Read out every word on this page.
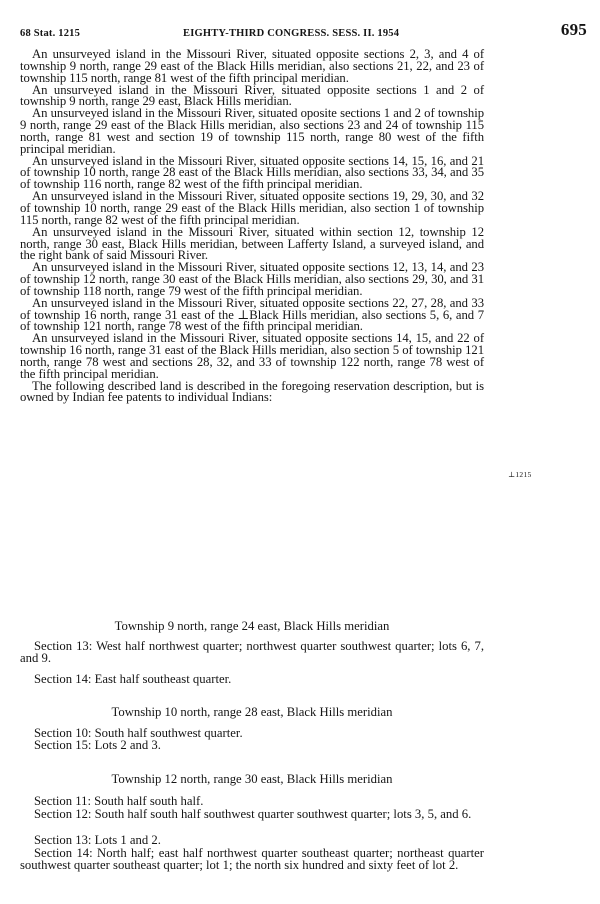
68 Stat. 1215	EIGHTY-THIRD CONGRESS. SESS. II. 1954	695

An unsurveyed island in the Missouri River, situated opposite sections 2, 3, and 4 of township 9 north, range 29 east of the Black Hills meridian, also sections 21, 22, and 23 of township 115 north, range 81 west of the fifth principal meridian.

An unsurveyed island in the Missouri River, situated opposite sections 1 and 2 of township 9 north, range 29 east, Black Hills meridian.

An unsurveyed island in the Missouri River, situated oposite sections 1 and 2 of township 9 north, range 29 east of the Black Hills meridian, also sections 23 and 24 of township 115 north, range 81 west and section 19 of township 115 north, range 80 west of the fifth principal meridian.

An unsurveyed island in the Missouri River, situated opposite sections 14, 15, 16, and 21 of township 10 north, range 28 east of the Black Hills meridian, also sections 33, 34, and 35 of township 116 north, range 82 west of the fifth principal meridian.

An unsurveyed island in the Missouri River, situated opposite sections 19, 29, 30, and 32 of township 10 north, range 29 east of the Black Hills meridian, also section 1 of township 115 north, range 82 west of the fifth principal meridian.

An unsurveyed island in the Missouri River, situated within section 12, township 12 north, range 30 east, Black Hills meridian, between Lafferty Island, a surveyed island, and the right bank of said Missouri River.

An unsurveyed island in the Missouri River, situated opposite sections 12, 13, 14, and 23 of township 12 north, range 30 east of the Black Hills meridian, also sections 29, 30, and 31 of township 118 north, range 79 west of the fifth principal meridian.

An unsurveyed island in the Missouri River, situated opposite sections 22, 27, 28, and 33 of township 16 north, range 31 east of the ⊥Black Hills meridian, also sections 5, 6, and 7 of township 121 north, range 78 west of the fifth principal meridian.

An unsurveyed island in the Missouri River, situated opposite sections 14, 15, and 22 of township 16 north, range 31 east of the Black Hills meridian, also section 5 of township 121 north, range 78 west and sections 28, 32, and 33 of township 122 north, range 78 west of the fifth principal meridian.

The following described land is described in the foregoing reservation description, but is owned by Indian fee patents to individual Indians:

⊥1215

Township 9 north, range 24 east, Black Hills meridian

Section 13: West half northwest quarter; northwest quarter southwest quarter; lots 6, 7, and 9.

Section 14: East half southeast quarter.

Township 10 north, range 28 east, Black Hills meridian

Section 10: South half southwest quarter.

Section 15: Lots 2 and 3.

Township 12 north, range 30 east, Black Hills meridian

Section 11: South half south half.

Section 12: South half south half southwest quarter southwest quarter; lots 3, 5, and 6.

Section 13: Lots 1 and 2.

Section 14: North half; east half northwest quarter southeast quarter; northeast quarter southwest quarter southeast quarter; lot 1; the north six hundred and sixty feet of lot 2.
